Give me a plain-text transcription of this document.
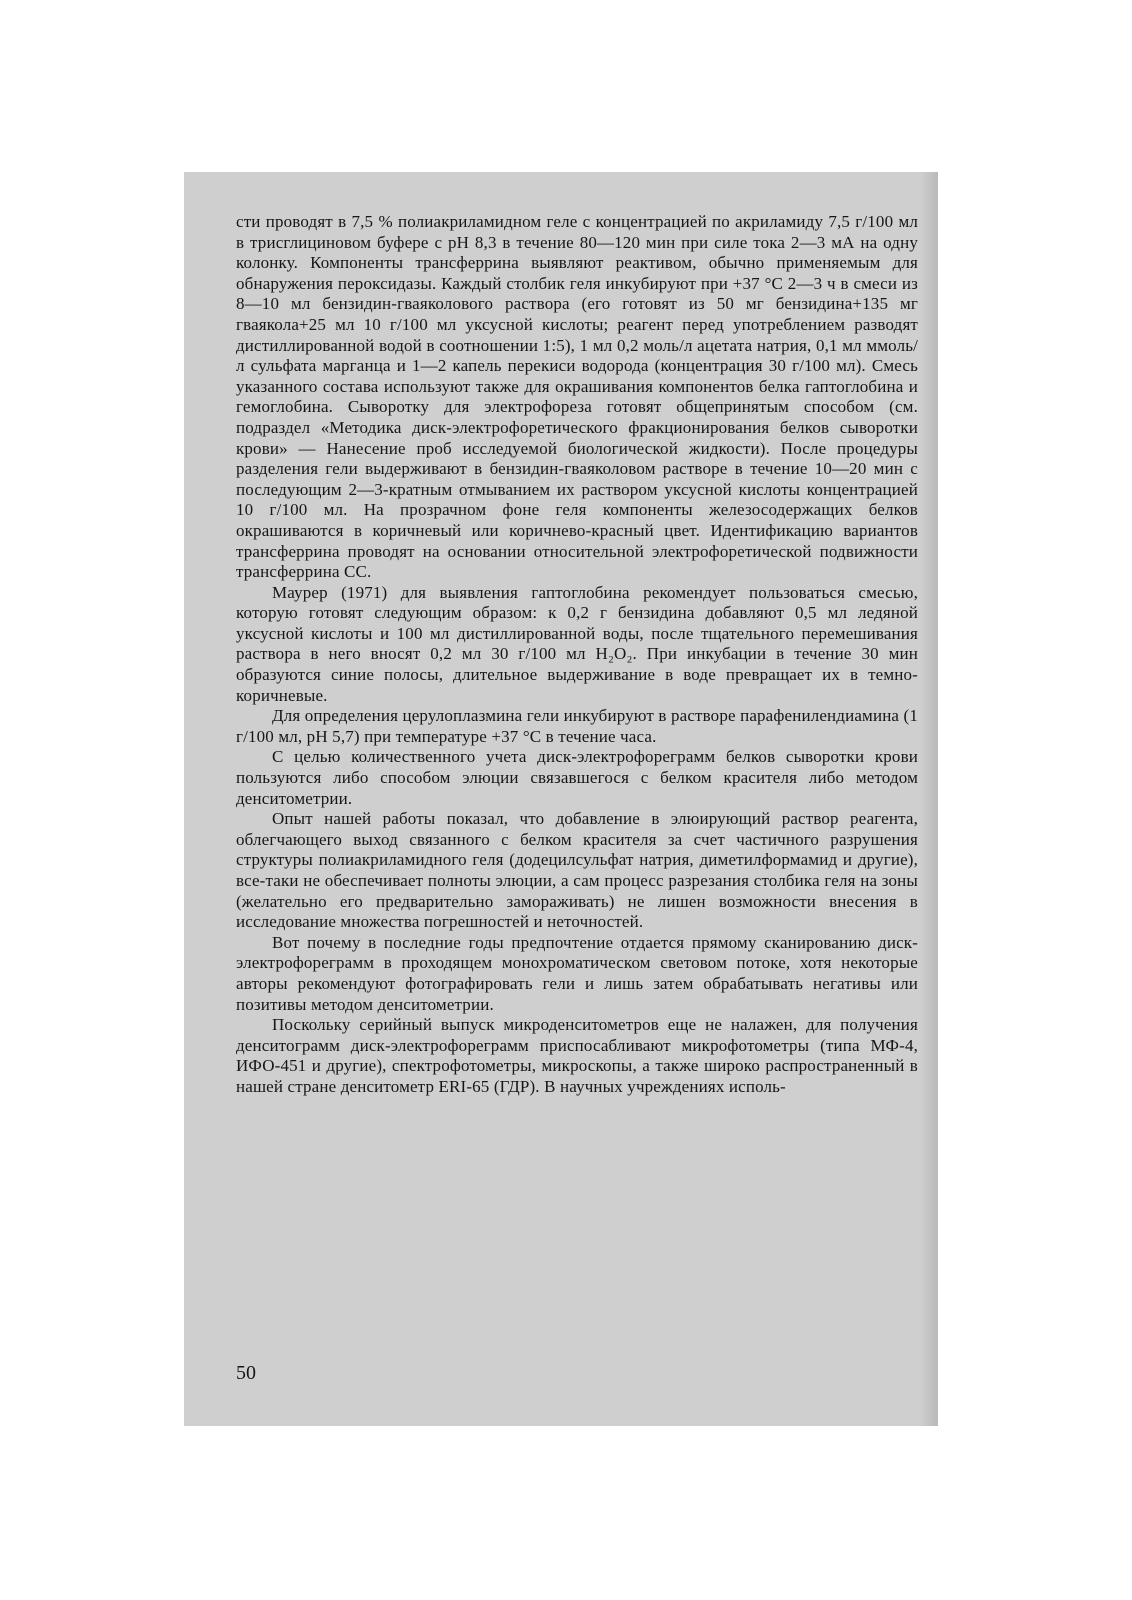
сти проводят в 7,5 % полиакриламидном геле с концентрацией по акриламиду 7,5 г/100 мл в трисглициновом буфере с pH 8,3 в течение 80—120 мин при силе тока 2—3 мА на одну колонку. Компоненты трансферрина выявляют реактивом, обычно применяемым для обнаружения пероксидазы. Каждый столбик геля инкубируют при +37 °С 2—3 ч в смеси из 8—10 мл бензидин-гваяколового раствора (его готовят из 50 мг бензидина+135 мг гваякола+25 мл 10 г/100 мл уксусной кислоты; реагент перед употреблением разводят дистиллированной водой в соотношении 1:5), 1 мл 0,2 моль/л ацетата натрия, 0,1 мл ммоль/л сульфата марганца и 1—2 капель перекиси водорода (концентрация 30 г/100 мл). Смесь указанного состава используют также для окрашивания компонентов белка гаптоглобина и гемоглобина. Сыворотку для электрофореза готовят общепринятым способом (см. подраздел «Методика диск-электрофоретического фракционирования белков сыворотки крови» — Нанесение проб исследуемой биологической жидкости). После процедуры разделения гели выдерживают в бензидин-гваяколовом растворе в течение 10—20 мин с последующим 2—3-кратным отмыванием их раствором уксусной кислоты концентрацией 10 г/100 мл. На прозрачном фоне геля компоненты железосодержащих белков окрашиваются в коричневый или коричнево-красный цвет. Идентификацию вариантов трансферрина проводят на основании относительной электрофоретической подвижности трансферрина СС.

Маурер (1971) для выявления гаптоглобина рекомендует пользоваться смесью, которую готовят следующим образом: к 0,2 г бензидина добавляют 0,5 мл ледяной уксусной кислоты и 100 мл дистиллированной воды, после тщательного перемешивания раствора в него вносят 0,2 мл 30 г/100 мл H₂O₂. При инкубации в течение 30 мин образуются синие полосы, длительное выдерживание в воде превращает их в темно-коричневые.

Для определения церулоплазмина гели инкубируют в растворе парафенилендиамина (1 г/100 мл, pH 5,7) при температуре +37 °С в течение часа.

С целью количественного учета диск-электрофореграмм белков сыворотки крови пользуются либо способом элюции связавшегося с белком красителя либо методом денситометрии.

Опыт нашей работы показал, что добавление в элюирующий раствор реагента, облегчающего выход связанного с белком красителя за счет частичного разрушения структуры полиакриламидного геля (додецилсульфат натрия, диметилформамид и другие), все-таки не обеспечивает полноты элюции, а сам процесс разрезания столбика геля на зоны (желательно его предварительно замораживать) не лишен возможности внесения в исследование множества погрешностей и неточностей.

Вот почему в последние годы предпочтение отдается прямому сканированию диск-электрофореграмм в проходящем монохроматическом световом потоке, хотя некоторые авторы рекомендуют фотографировать гели и лишь затем обрабатывать негативы или позитивы методом денситометрии.

Поскольку серийный выпуск микроденситометров еще не налажен, для получения денситограмм диск-электрофореграмм приспосабливают микрофотометры (типа МФ-4, ИФО-451 и другие), спектрофотометры, микроскопы, а также широко распространенный в нашей стране денситометр ERI-65 (ГДР). В научных учреждениях исполь-

50
